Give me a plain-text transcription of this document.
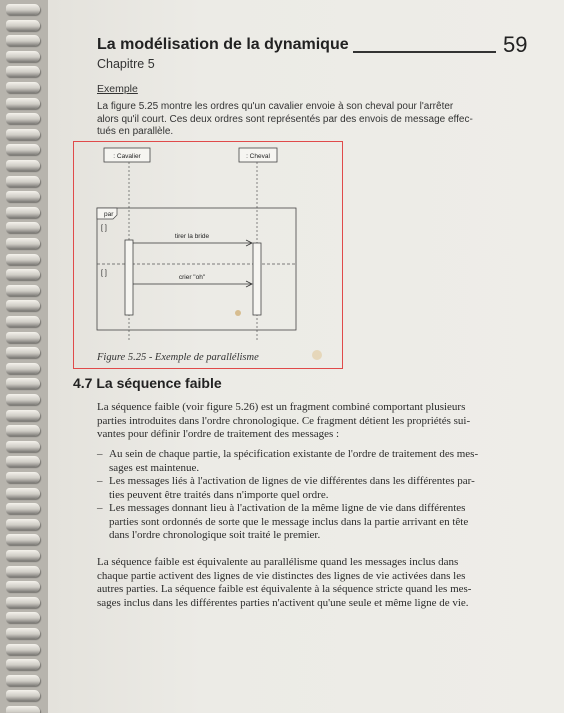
La modélisation de la dynamique	59
Chapitre 5
Exemple
La figure 5.25 montre les ordres qu'un cavalier envoie à son cheval pour l'arrêter
alors qu'il court. Ces deux ordres sont représentés par des envois de message effec-
tués en parallèle.
: Cavalier	: Cheval
par
[ ]
[ ]
tirer la bride
crier "oh"
Figure 5.25 - Exemple de parallélisme
4.7 La séquence faible
La séquence faible (voir figure 5.26) est un fragment combiné comportant plusieurs
parties introduites dans l'ordre chronologique. Ce fragment détient les propriétés sui-
vantes pour définir l'ordre de traitement des messages :
– Au sein de chaque partie, la spécification existante de l'ordre de traitement des mes-
sages est maintenue.
– Les messages liés à l'activation de lignes de vie différentes dans les différentes par-
ties peuvent être traités dans n'importe quel ordre.
– Les messages donnant lieu à l'activation de la même ligne de vie dans différentes
parties sont ordonnés de sorte que le message inclus dans la partie arrivant en tête
dans l'ordre chronologique soit traité le premier.
La séquence faible est équivalente au parallélisme quand les messages inclus dans
chaque partie activent des lignes de vie distinctes des lignes de vie activées dans les
autres parties. La séquence faible est équivalente à la séquence stricte quand les mes-
sages inclus dans les différentes parties n'activent qu'une seule et même ligne de vie.
